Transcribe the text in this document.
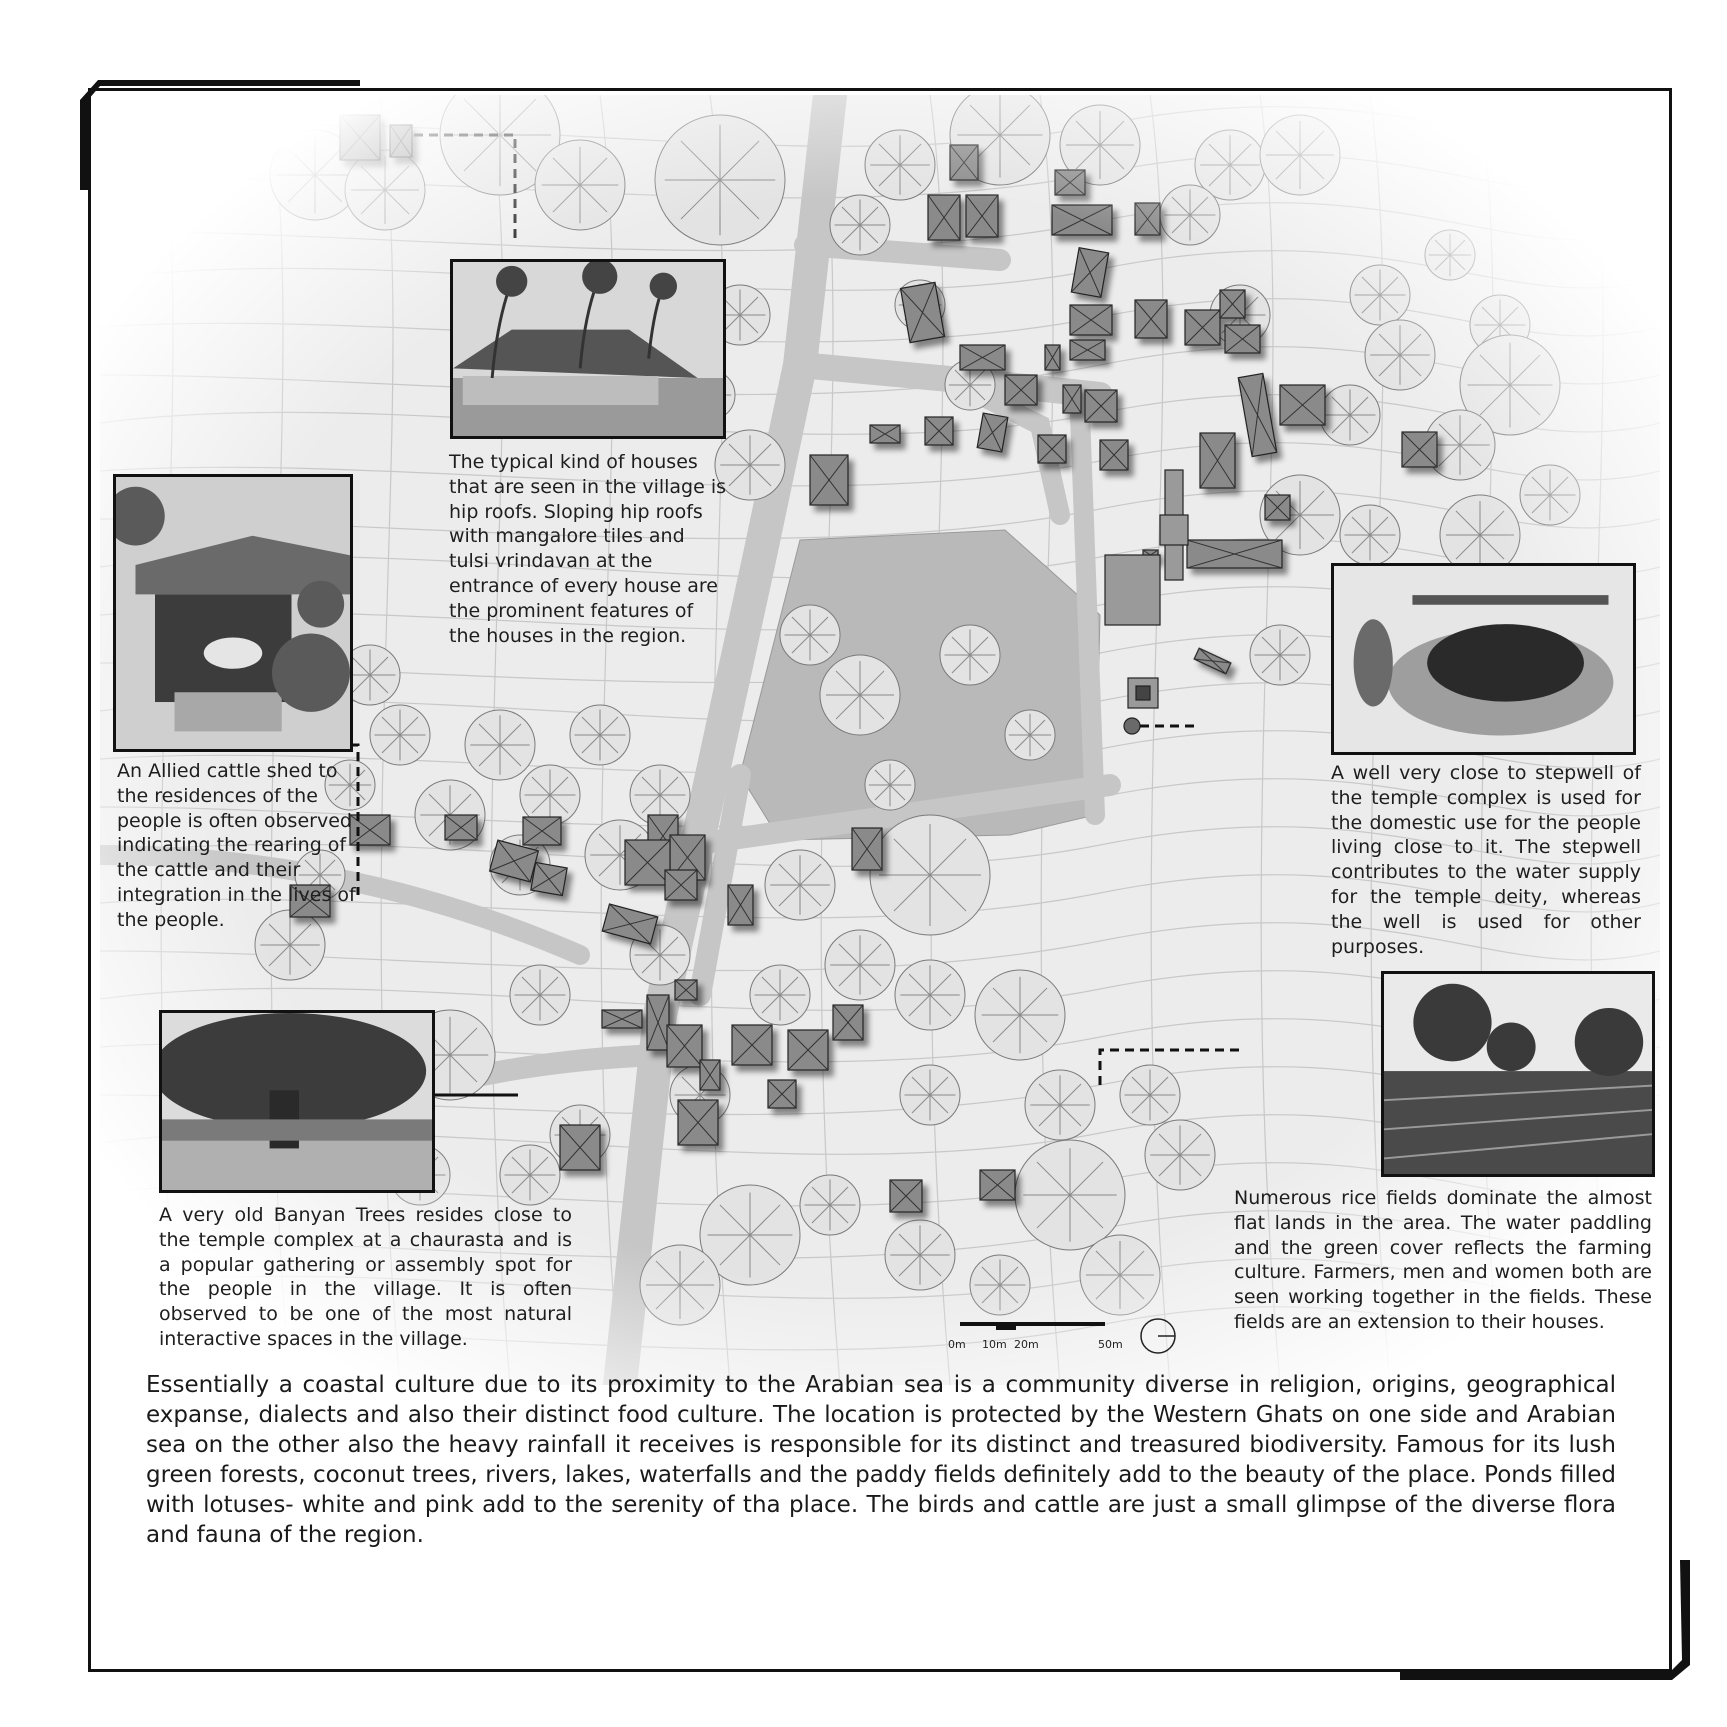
The typical kind of houses that are seen in the village is hip roofs. Sloping hip roofs with mangalore tiles and tulsi vrindavan at the entrance of every house are the prominent features of the houses in the region.
An Allied cattle shed to the residences of the people is often observed indicating the rearing of the cattle and their integration in the lives of the people.
A well very close to stepwell of the temple complex is used for the domestic use for the people living close to it. The stepwell contributes to the water supply for the temple deity, whereas the well is used for other purposes.
A very old Banyan Trees resides close to the temple complex at a chaurasta and is a popular gathering or assembly spot for the people in the village. It is often observed to be one of the most natural interactive spaces in the village.
Numerous rice fields dominate the almost flat lands in the area. The water paddling and the green cover reflects the farming culture. Farmers, men and women both are seen working together in the fields. These fields are an extension to their houses.
0m 10m 20m	50m
Essentially a coastal culture due to its proximity to the Arabian sea is a community diverse in religion, origins, geographical expanse, dialects and also their distinct food culture. The location is protected by the Western Ghats on one side and Arabian sea on the other also the heavy rainfall it receives is responsible for its distinct and treasured biodiversity. Famous for its lush green forests, coconut trees, rivers, lakes, waterfalls and the paddy fields definitely add to the beauty of the place. Ponds filled with lotuses- white and pink add to the serenity of tha place. The birds and cattle are just a small glimpse of the diverse flora and fauna of the region.
